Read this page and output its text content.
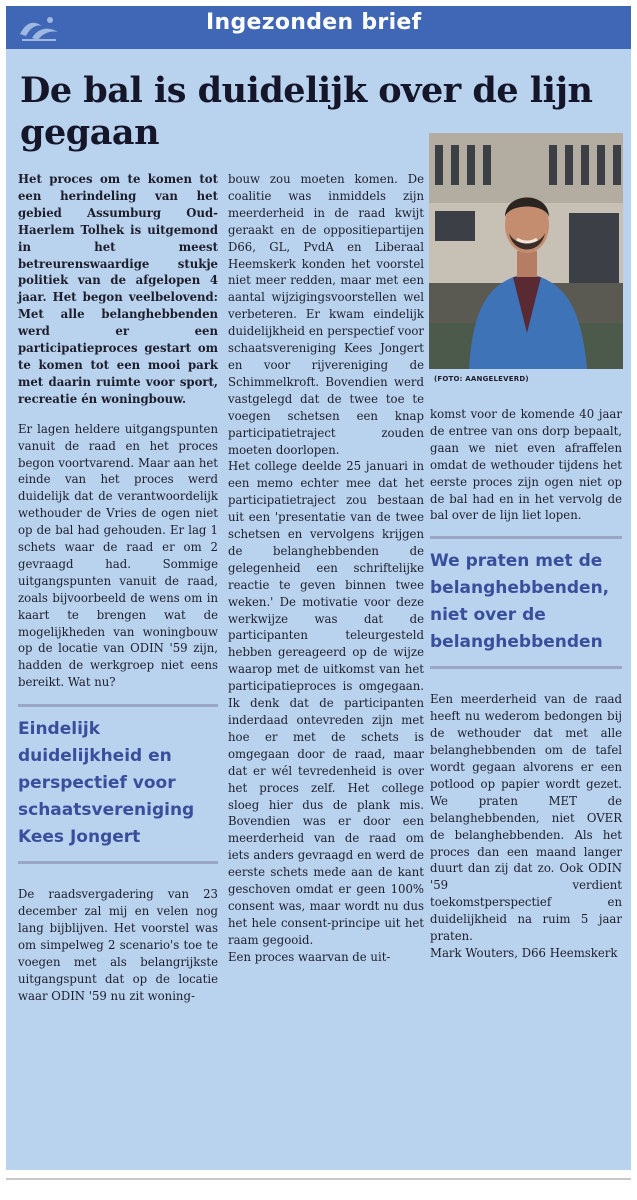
Ingezonden brief
De bal is duidelijk over de lijn gegaan

Het proces om te komen tot een herindeling van het gebied Assumburg Oud-Haerlem Tolhek is uitgemond in het meest betreurenswaardige stukje politiek van de afgelopen 4 jaar. Het begon veelbelovend: Met alle belanghebbenden werd er een participatieproces gestart om te komen tot een mooi park met daarin ruimte voor sport, recreatie én woningbouw.

Er lagen heldere uitgangspunten vanuit de raad en het proces begon voortvarend. Maar aan het einde van het proces werd duidelijk dat de verantwoordelijk wethouder de Vries de ogen niet op de bal had gehouden. Er lag 1 schets waar de raad er om 2 gevraagd had. Sommige uitgangspunten vanuit de raad, zoals bijvoorbeeld de wens om in kaart te brengen wat de mogelijkheden van woningbouw op de locatie van ODIN '59 zijn, hadden de werkgroep niet eens bereikt. Wat nu?

Eindelijk duidelijkheid en perspectief voor schaatsvereniging Kees Jongert

De raadsvergadering van 23 december zal mij en velen nog lang bijblijven. Het voorstel was om simpelweg 2 scenario's toe te voegen met als belangrijkste uitgangspunt dat op de locatie waar ODIN '59 nu zit woning-

bouw zou moeten komen. De coalitie was inmiddels zijn meerderheid in de raad kwijt geraakt en de oppositiepartijen D66, GL, PvdA en Liberaal Heemskerk konden het voorstel niet meer redden, maar met een aantal wijzigingsvoorstellen wel verbeteren. Er kwam eindelijk duidelijkheid en perspectief voor schaatsvereniging Kees Jongert en voor rijvereniging de Schimmelkroft. Bovendien werd vastgelegd dat de twee toe te voegen schetsen een knap participatietraject zouden moeten doorlopen.

Het college deelde 25 januari in een memo echter mee dat het participatietraject zou bestaan uit een 'presentatie van de twee schetsen en vervolgens krijgen de belanghebbenden de gelegenheid een schriftelijke reactie te geven binnen twee weken.' De motivatie voor deze werkwijze was dat de participanten teleurgesteld hebben gereageerd op de wijze waarop met de uitkomst van het participatieproces is omgegaan. Ik denk dat de participanten inderdaad ontevreden zijn met hoe er met de schets is omgegaan door de raad, maar dat er wél tevredenheid is over het proces zelf. Het college sloeg hier dus de plank mis. Bovendien was er door een meerderheid van de raad om iets anders gevraagd en werd de eerste schets mede aan de kant geschoven omdat er geen 100% consent was, maar wordt nu dus het hele consent-principe uit het raam gegooid.

Een proces waarvan de uit-

(FOTO: AANGELEVERD)

komst voor de komende 40 jaar de entree van ons dorp bepaalt, gaan we niet even afraffelen omdat de wethouder tijdens het eerste proces zijn ogen niet op de bal had en in het vervolg de bal over de lijn liet lopen.

We praten met de belanghebbenden, niet over de belanghebbenden

Een meerderheid van de raad heeft nu wederom bedongen bij de wethouder dat met alle belanghebbenden om de tafel wordt gegaan alvorens er een potlood op papier wordt gezet. We praten MET de belanghebbenden, niet OVER de belanghebbenden. Als het proces dan een maand langer duurt dan zij dat zo. Ook ODIN '59 verdient toekomstperspectief en duidelijkheid na ruim 5 jaar praten.

Mark Wouters, D66 Heemskerk
